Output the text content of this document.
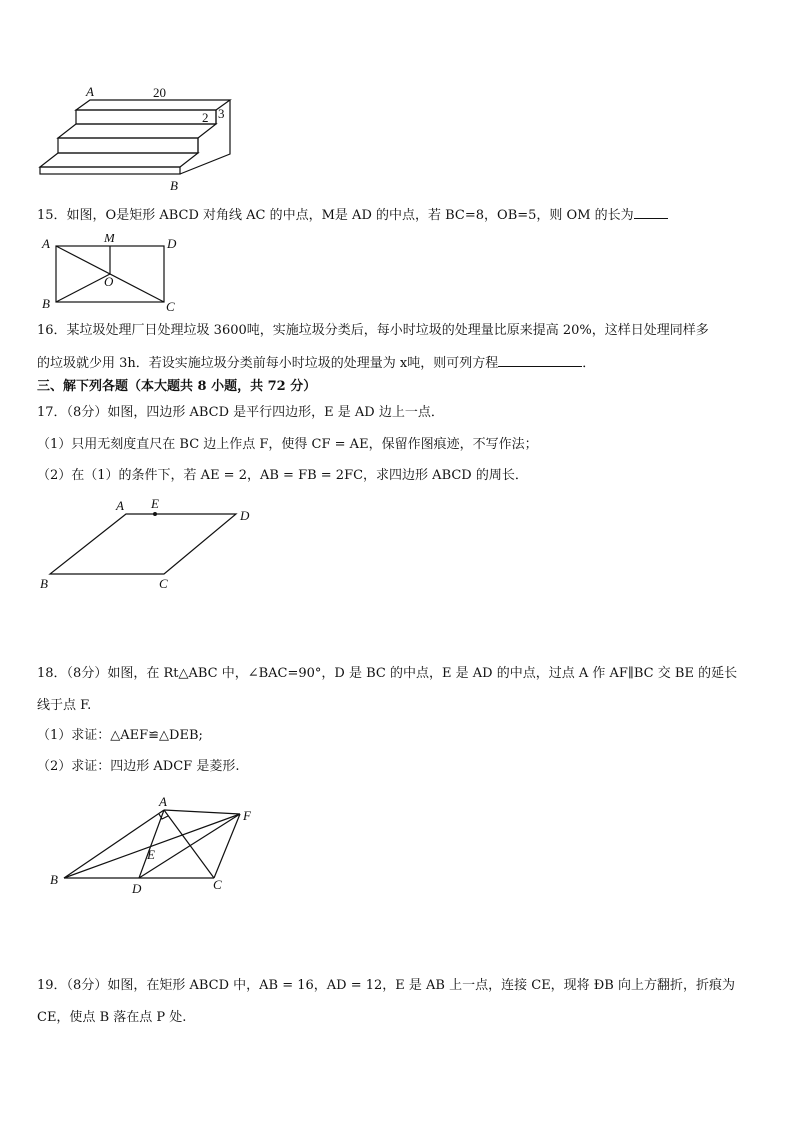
A	20
2 3
B
15．如图，O是矩形 ABCD 对角线 AC 的中点，M是 AD 的中点，若 BC=8，OB=5，则 OM 的长为
A	M	D
O
B	C
16．某垃圾处理厂日处理垃圾 3600吨，实施垃圾分类后，每小时垃圾的处理量比原来提高 20%，这样日处理同样多
的垃圾就少用 3h．若设实施垃圾分类前每小时垃圾的处理量为 x吨，则可列方程	．
三、解下列各题（本大题共 8 小题，共 72 分）
17．（8分）如图，四边形 ABCD 是平行四边形，E 是 AD 边上一点．
（1）只用无刻度直尺在 BC 边上作点 F，使得 CF = AE，保留作图痕迹，不写作法；
（2）在（1）的条件下，若 AE = 2，AB = FB = 2FC，求四边形 ABCD 的周长．
A E
D
B	C
18．（8分）如图，在 Rt△ABC 中，∠BAC=90°，D 是 BC 的中点，E 是 AD 的中点，过点 A 作 AF∥BC 交 BE 的延长
线于点 F.
（1）求证：△AEF≌△DEB;
（2）求证：四边形 ADCF 是菱形.
A
F
E
B
D	C
19．（8分）如图，在矩形 ABCD 中，AB = 16，AD = 12，E 是 AB 上一点，连接 CE，现将 ÐB 向上方翻折，折痕为
CE，使点 B 落在点 P 处.
